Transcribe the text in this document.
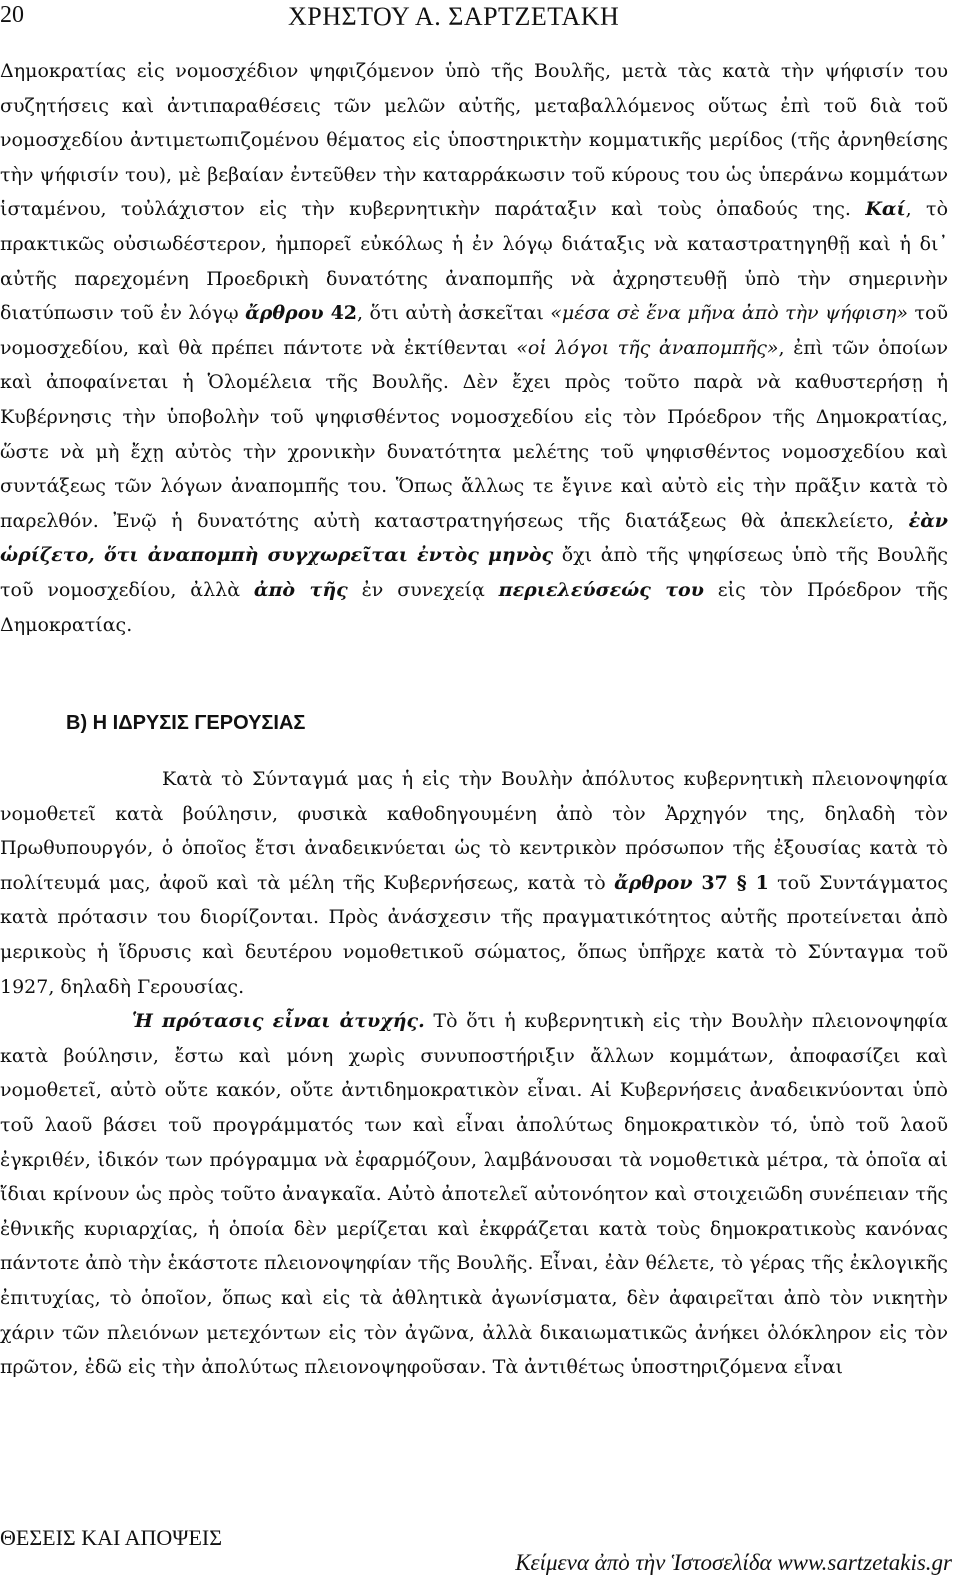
20	ΧΡΗΣΤΟΥ Α. ΣΑΡΤΖΕΤΑΚΗ

Δημοκρατίας εἰς νομοσχέδιον ψηφιζόμενον ὑπὸ τῆς Βουλῆς, μετὰ τὰς κατὰ τὴν ψήφισίν του συζητήσεις καὶ ἀντιπαραθέσεις τῶν μελῶν αὐτῆς, μεταβαλλόμενος οὕτως ἐπὶ τοῦ διὰ τοῦ νομοσχεδίου ἀντιμετωπιζομένου θέματος εἰς ὑποστηρικτὴν κομματικῆς μερίδος (τῆς ἀρνηθείσης τὴν ψήφισίν του), μὲ βεβαίαν ἐντεῦθεν τὴν καταρράκωσιν τοῦ κύρους του ὡς ὑπεράνω κομμάτων ἱσταμένου, τοὐλάχιστον εἰς τὴν κυβερνητικὴν παράταξιν καὶ τοὺς ὀπαδούς της. Καί, τὸ πρακτικῶς οὐσιωδέστερον, ἠμπορεῖ εὐκόλως ἡ ἐν λόγῳ διάταξις νὰ καταστρατηγηθῇ καὶ ἡ δι᾽ αὐτῆς παρεχομένη Προεδρικὴ δυνατότης ἀναπομπῆς νὰ ἀχρηστευθῇ ὑπὸ τὴν σημερινὴν διατύπωσιν τοῦ ἐν λόγῳ ἄρθρου 42, ὅτι αὐτὴ ἀσκεῖται «μέσα σὲ ἕνα μῆνα ἀπὸ τὴν ψήφιση» τοῦ νομοσχεδίου, καὶ θὰ πρέπει πάντοτε νὰ ἐκτίθενται «οἱ λόγοι τῆς ἀναπομπῆς», ἐπὶ τῶν ὁποίων καὶ ἀποφαίνεται ἡ Ὁλομέλεια τῆς Βουλῆς. Δὲν ἔχει πρὸς τοῦτο παρὰ νὰ καθυστερήσῃ ἡ Κυβέρνησις τὴν ὑποβολὴν τοῦ ψηφισθέντος νομοσχεδίου εἰς τὸν Πρόεδρον τῆς Δημοκρατίας, ὥστε νὰ μὴ ἔχῃ αὐτὸς τὴν χρονικὴν δυνατότητα μελέτης τοῦ ψηφισθέντος νομοσχεδίου καὶ συντάξεως τῶν λόγων ἀναπομπῆς του. Ὅπως ἄλλως τε ἔγινε καὶ αὐτὸ εἰς τὴν πρᾶξιν κατὰ τὸ παρελθόν. Ἐνῷ ἡ δυνατότης αὐτὴ καταστρατηγήσεως τῆς διατάξεως θὰ ἀπεκλείετο, ἐὰν ὡρίζετο, ὅτι ἀναπομπὴ συγχωρεῖται ἐντὸς μηνὸς ὄχι ἀπὸ τῆς ψηφίσεως ὑπὸ τῆς Βουλῆς τοῦ νομοσχεδίου, ἀλλὰ ἀπὸ τῆς ἐν συνεχείᾳ περιελεύσεώς του εἰς τὸν Πρόεδρον τῆς Δημοκρατίας.

Β) Η ΙΔΡΥΣΙΣ ΓΕΡΟΥΣΙΑΣ

Κατὰ τὸ Σύνταγμά μας ἡ εἰς τὴν Βουλὴν ἀπόλυτος κυβερνητικὴ πλειονοψηφία νομοθετεῖ κατὰ βούλησιν, φυσικὰ καθοδηγουμένη ἀπὸ τὸν Ἀρχηγόν της, δηλαδὴ τὸν Πρωθυπουργόν, ὁ ὁποῖος ἔτσι ἀναδεικνύεται ὡς τὸ κεντρικὸν πρόσωπον τῆς ἐξουσίας κατὰ τὸ πολίτευμά μας, ἀφοῦ καὶ τὰ μέλη τῆς Κυβερνήσεως, κατὰ τὸ ἄρθρον 37 § 1 τοῦ Συντάγματος κατὰ πρότασιν του διορίζονται. Πρὸς ἀνάσχεσιν τῆς πραγματικότητος αὐτῆς προτείνεται ἀπὸ μερικοὺς ἡ ἵδρυσις καὶ δευτέρου νομοθετικοῦ σώματος, ὅπως ὑπῆρχε κατὰ τὸ Σύνταγμα τοῦ 1927, δηλαδὴ Γερουσίας.

Ἡ πρότασις εἶναι ἀτυχής. Τὸ ὅτι ἡ κυβερνητικὴ εἰς τὴν Βουλὴν πλειονοψηφία κατὰ βούλησιν, ἔστω καὶ μόνη χωρὶς συνυποστήριξιν ἄλλων κομμάτων, ἀποφασίζει καὶ νομοθετεῖ, αὐτὸ οὔτε κακόν, οὔτε ἀντιδημοκρατικὸν εἶναι. Αἱ Κυβερνήσεις ἀναδεικνύονται ὑπὸ τοῦ λαοῦ βάσει τοῦ προγράμματός των καὶ εἶναι ἀπολύτως δημοκρατικὸν τό, ὑπὸ τοῦ λαοῦ ἐγκριθέν, ἰδικόν των πρόγραμμα νὰ ἐφαρμόζουν, λαμβάνουσαι τὰ νομοθετικὰ μέτρα, τὰ ὁποῖα αἱ ἴδιαι κρίνουν ὡς πρὸς τοῦτο ἀναγκαῖα. Αὐτὸ ἀποτελεῖ αὐτονόητον καὶ στοιχειῶδη συνέπειαν τῆς ἐθνικῆς κυριαρχίας, ἡ ὁποία δὲν μερίζεται καὶ ἐκφράζεται κατὰ τοὺς δημοκρατικοὺς κανόνας πάντοτε ἀπὸ τὴν ἑκάστοτε πλειονοψηφίαν τῆς Βουλῆς. Εἶναι, ἐὰν θέλετε, τὸ γέρας τῆς ἐκλογικῆς ἐπιτυχίας, τὸ ὁποῖον, ὅπως καὶ εἰς τὰ ἀθλητικὰ ἀγωνίσματα, δὲν ἀφαιρεῖται ἀπὸ τὸν νικητὴν χάριν τῶν πλειόνων μετεχόντων εἰς τὸν ἀγῶνα, ἀλλὰ δικαιωματικῶς ἀνήκει ὁλόκληρον εἰς τὸν πρῶτον, ἐδῶ εἰς τὴν ἀπολύτως πλειονοψηφοῦσαν. Τὰ ἀντιθέτως ὑποστηριζόμενα εἶναι

ΘΕΣΕΙΣ ΚΑΙ ΑΠΟΨΕΙΣ
Κείμενα ἀπὸ τὴν Ἱστοσελίδα www.sartzetakis.gr
